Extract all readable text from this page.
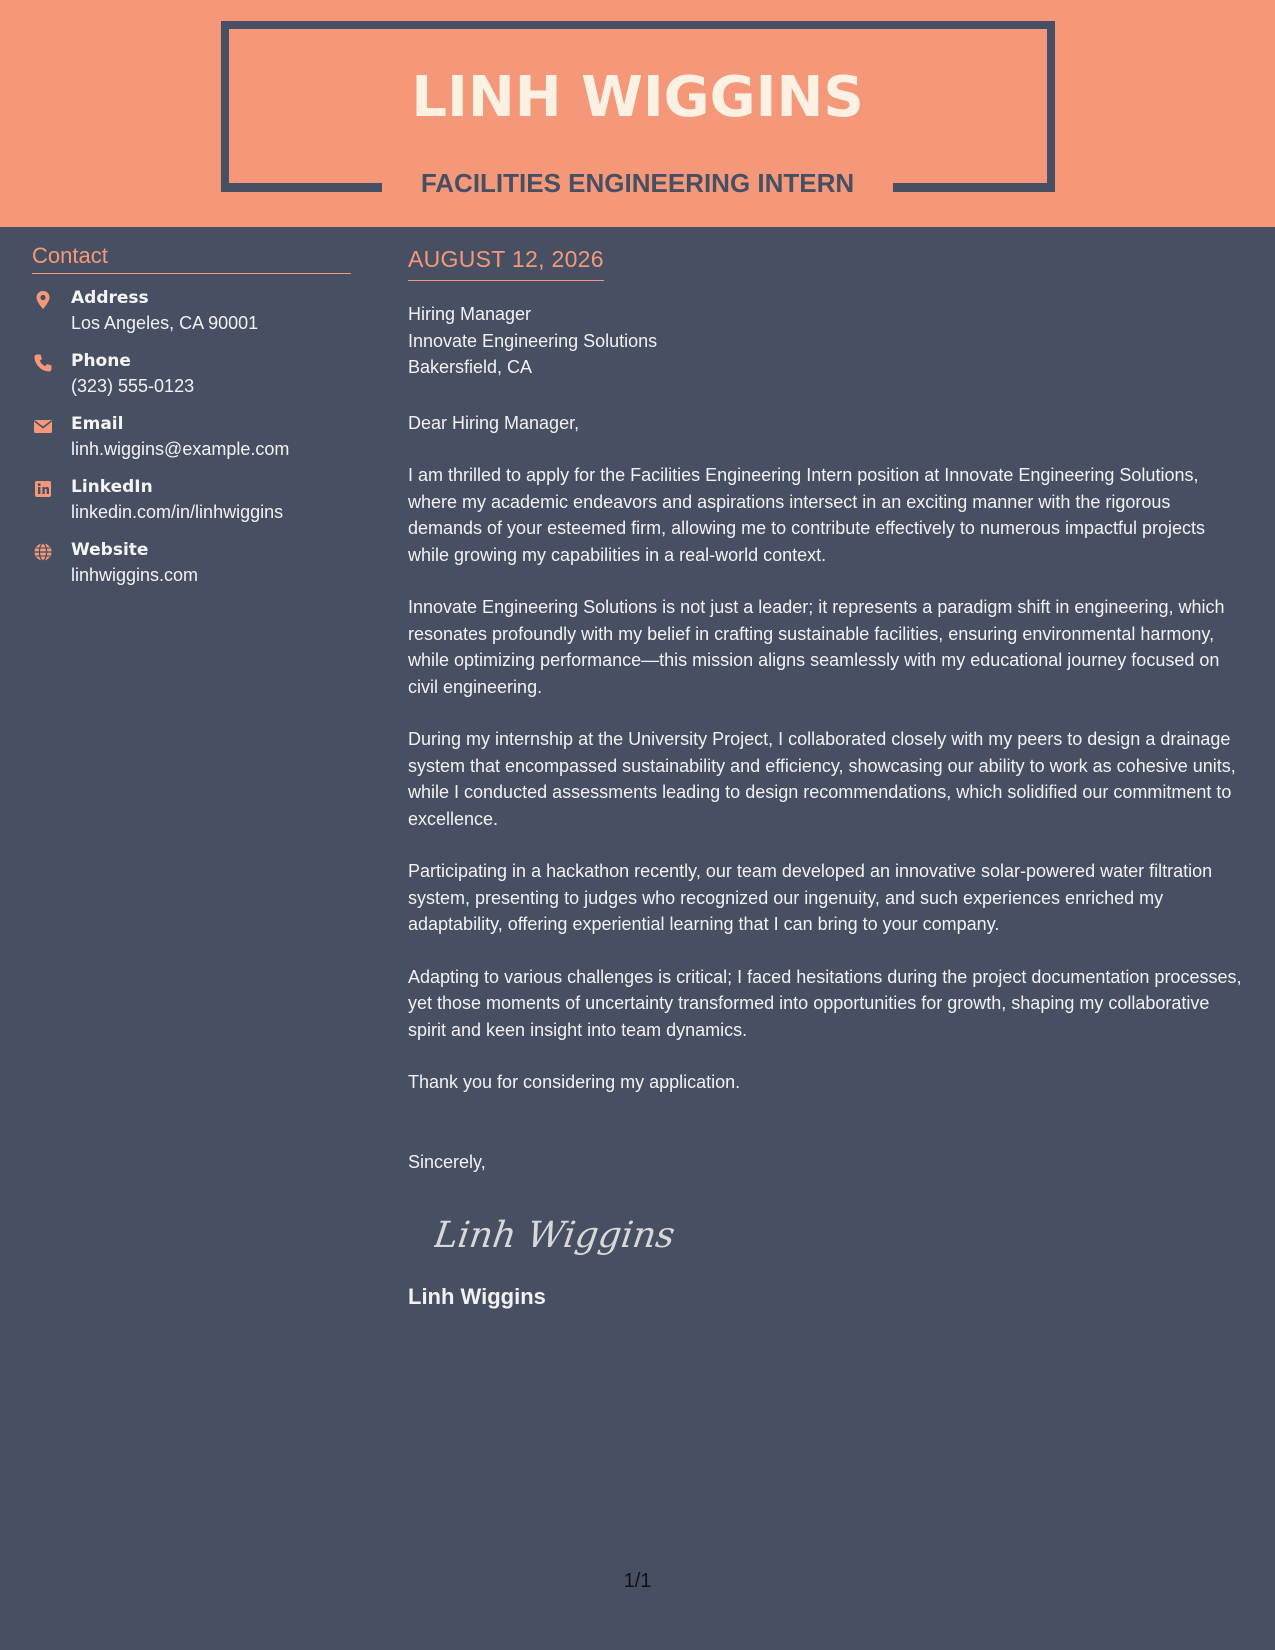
LINH WIGGINS
FACILITIES ENGINEERING INTERN
Contact
Address
Los Angeles, CA 90001
Phone
(323) 555-0123
Email
linh.wiggins@example.com
LinkedIn
linkedin.com/in/linhwiggins
Website
linhwiggins.com
AUGUST 12, 2026
Hiring Manager
Innovate Engineering Solutions
Bakersfield, CA
Dear Hiring Manager,
I am thrilled to apply for the Facilities Engineering Intern position at Innovate Engineering Solutions, where my academic endeavors and aspirations intersect in an exciting manner with the rigorous demands of your esteemed firm, allowing me to contribute effectively to numerous impactful projects while growing my capabilities in a real-world context.
Innovate Engineering Solutions is not just a leader; it represents a paradigm shift in engineering, which resonates profoundly with my belief in crafting sustainable facilities, ensuring environmental harmony, while optimizing performance—this mission aligns seamlessly with my educational journey focused on civil engineering.
During my internship at the University Project, I collaborated closely with my peers to design a drainage system that encompassed sustainability and efficiency, showcasing our ability to work as cohesive units, while I conducted assessments leading to design recommendations, which solidified our commitment to excellence.
Participating in a hackathon recently, our team developed an innovative solar-powered water filtration system, presenting to judges who recognized our ingenuity, and such experiences enriched my adaptability, offering experiential learning that I can bring to your company.
Adapting to various challenges is critical; I faced hesitations during the project documentation processes, yet those moments of uncertainty transformed into opportunities for growth, shaping my collaborative spirit and keen insight into team dynamics.
Thank you for considering my application.
Sincerely,
Linh Wiggins
Linh Wiggins
1/1
